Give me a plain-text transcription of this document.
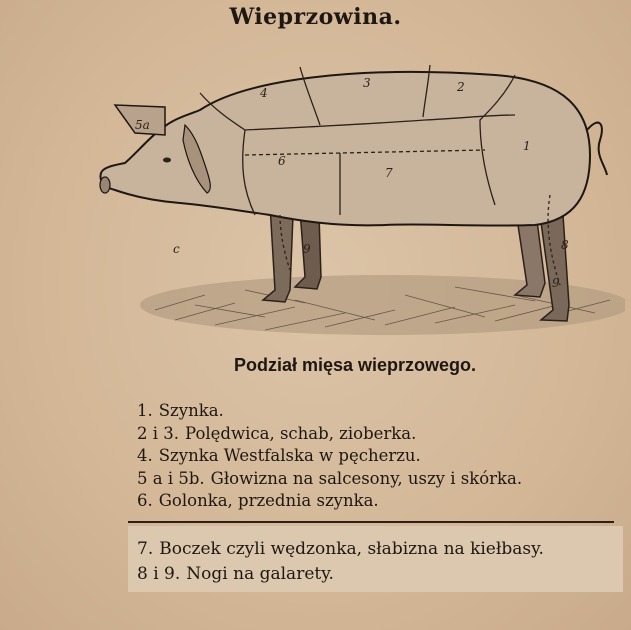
Wieprzowina.
5a
4
3	2
1
6
7
8
9
9
c
Podział mięsa wieprzowego.
1. Szynka.
2 i 3. Polędwica, schab, zioberka.
4. Szynka Westfalska w pęcherzu.
5 a i 5b. Głowizna na salcesony, uszy i skórka.
6. Golonka, przednia szynka.
7. Boczek czyli wędzonka, słabizna na kiełbasy.
8 i 9. Nogi na galarety.
